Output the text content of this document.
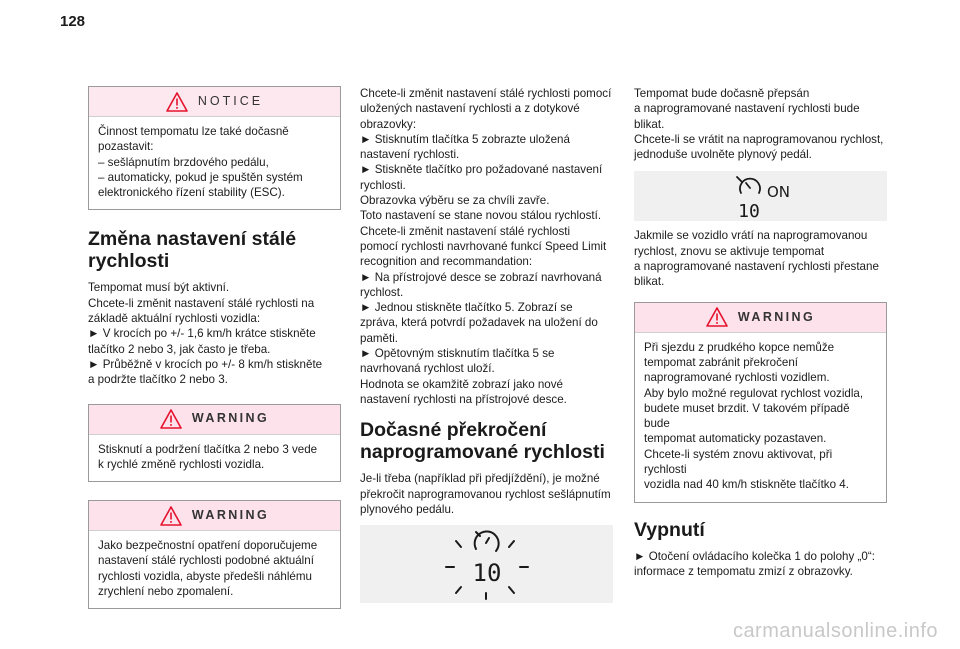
128
NOTICE

Činnost tempomatu lze také dočasně

pozastavit:

– sešlápnutím brzdového pedálu,

– automaticky, pokud je spuštěn systém

elektronického řízení stability (ESC).

Změna nastavení stálé
rychlosti

Tempomat musí být aktivní.

Chcete-li změnit nastavení stálé rychlosti na

základě aktuální rychlosti vozidla:

► V krocích po +/- 1,6 km/h krátce stiskněte

tlačítko 2 nebo 3, jak často je třeba.

► Průběžně v krocích po +/- 8 km/h stiskněte

a podržte tlačítko 2 nebo 3.

WARNING

Stisknutí a podržení tlačítka 2 nebo 3 vede

k rychlé změně rychlosti vozidla.

WARNING

Jako bezpečnostní opatření doporučujeme

nastavení stálé rychlosti podobné aktuální

rychlosti vozidla, abyste předešli náhlému

zrychlení nebo zpomalení.

Chcete-li změnit nastavení stálé rychlosti pomocí

uložených nastavení rychlosti a z dotykové

obrazovky:

► Stisknutím tlačítka 5 zobrazte uložená

nastavení rychlosti.

► Stiskněte tlačítko pro požadované nastavení

rychlosti.

Obrazovka výběru se za chvíli zavře.

Toto nastavení se stane novou stálou rychlostí.

Chcete-li změnit nastavení stálé rychlosti

pomocí rychlosti navrhované funkcí Speed Limit

recognition and recommandation:

► Na přístrojové desce se zobrazí navrhovaná

rychlost.

► Jednou stiskněte tlačítko 5. Zobrazí se

zpráva, která potvrdí požadavek na uložení do

paměti.

► Opětovným stisknutím tlačítka 5 se

navrhovaná rychlost uloží.

Hodnota se okamžitě zobrazí jako nové

nastavení rychlosti na přístrojové desce.

Dočasné překročení
naprogramované rychlosti

Je-li třeba (například při předjíždění), je možné

překročit naprogramovanou rychlost sešlápnutím

plynového pedálu.

10

Tempomat bude dočasně přepsán

a naprogramované nastavení rychlosti bude

blikat.

Chcete-li se vrátit na naprogramovanou rychlost,

jednoduše uvolněte plynový pedál.

ON
10

Jakmile se vozidlo vrátí na naprogramovanou

rychlost, znovu se aktivuje tempomat

a naprogramované nastavení rychlosti přestane

blikat.

WARNING

Při sjezdu z prudkého kopce nemůže

tempomat zabránit překročení

naprogramované rychlosti vozidlem.

Aby bylo možné regulovat rychlost vozidla,

budete muset brzdit. V takovém případě bude

tempomat automaticky pozastaven.

Chcete-li systém znovu aktivovat, při rychlosti

vozidla nad 40 km/h stiskněte tlačítko 4.

Vypnutí

► Otočení ovládacího kolečka 1 do polohy „0“:

informace z tempomatu zmizí z obrazovky.

carmanualsonline.info
